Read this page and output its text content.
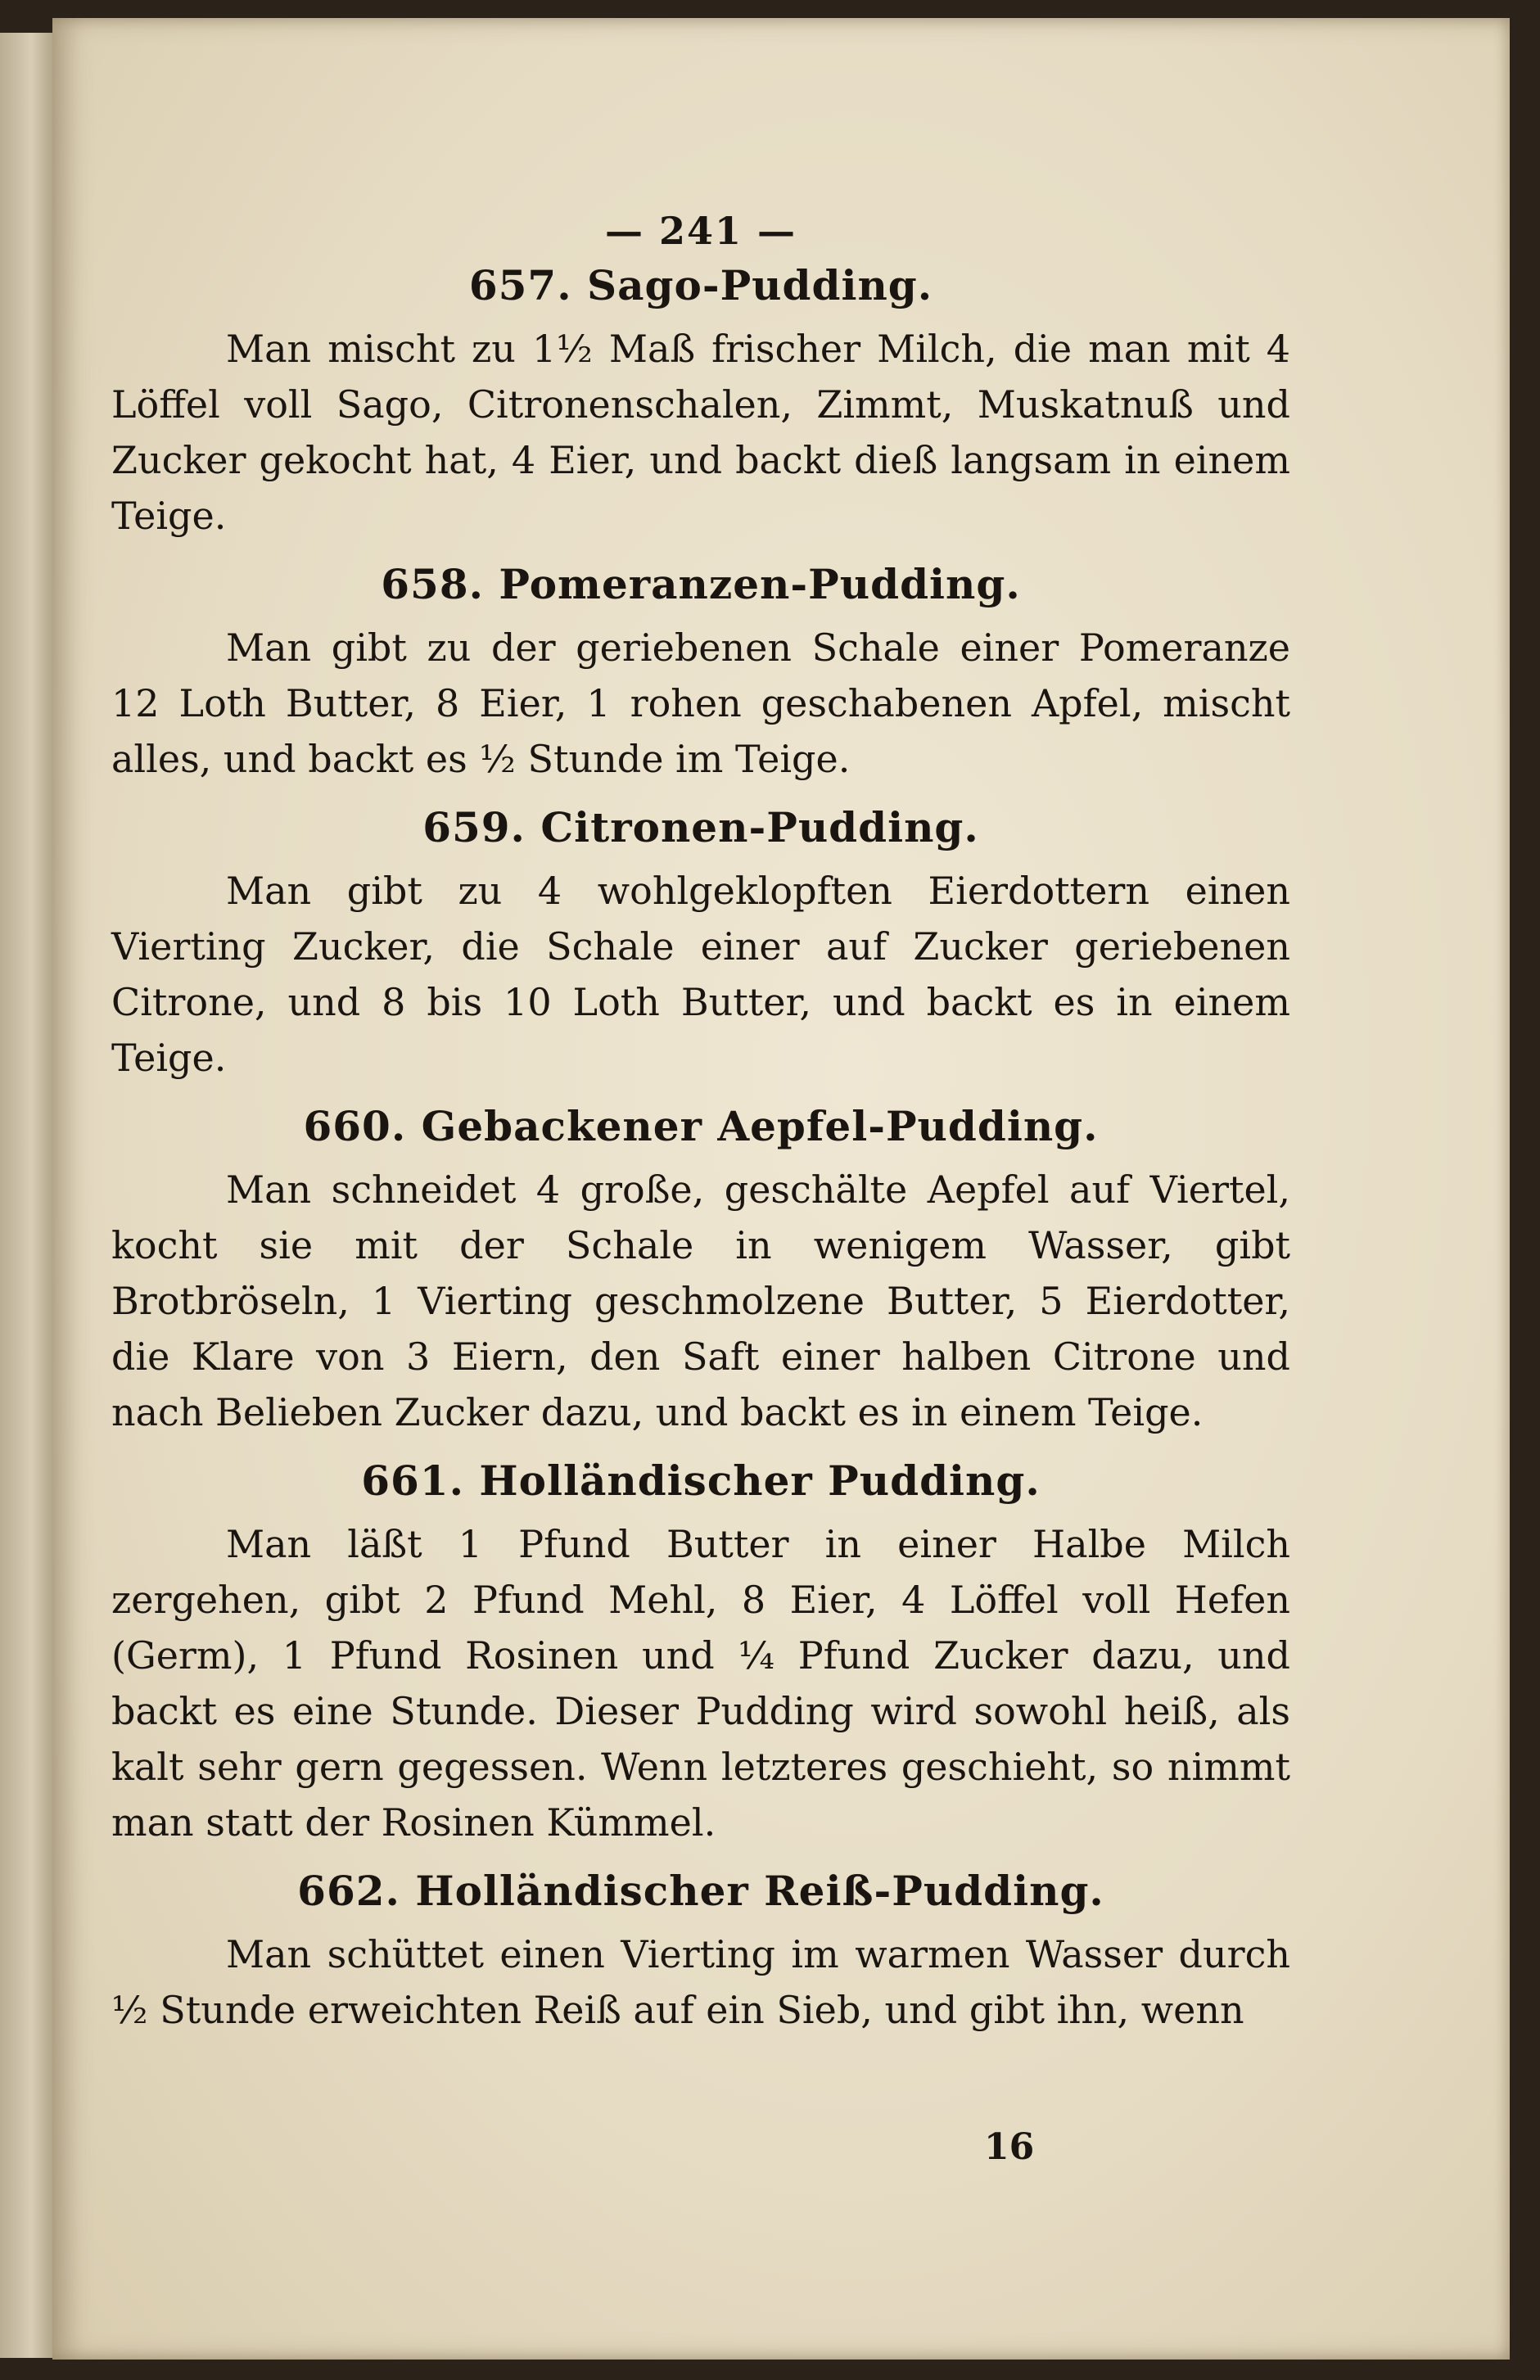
— 241 —
657. Sago-Pudding.

Man mischt zu 1½ Maß frischer Milch, die man mit 4 Löffel voll Sago, Citronenschalen, Zimmt, Muskatnuß und Zucker gekocht hat, 4 Eier, und backt dieß langsam in einem Teige.

658. Pomeranzen-Pudding.

Man gibt zu der geriebenen Schale einer Pomeranze 12 Loth Butter, 8 Eier, 1 rohen geschabenen Apfel, mischt alles, und backt es ½ Stunde im Teige.

659. Citronen-Pudding.

Man gibt zu 4 wohlgeklopften Eierdottern einen Vierting Zucker, die Schale einer auf Zucker geriebenen Citrone, und 8 bis 10 Loth Butter, und backt es in einem Teige.

660. Gebackener Aepfel-Pudding.

Man schneidet 4 große, geschälte Aepfel auf Viertel, kocht sie mit der Schale in wenigem Wasser, gibt Brotbröseln, 1 Vierting geschmolzene Butter, 5 Eierdotter, die Klare von 3 Eiern, den Saft einer halben Citrone und nach Belieben Zucker dazu, und backt es in einem Teige.

661. Holländischer Pudding.

Man läßt 1 Pfund Butter in einer Halbe Milch zergehen, gibt 2 Pfund Mehl, 8 Eier, 4 Löffel voll Hefen (Germ), 1 Pfund Rosinen und ¼ Pfund Zucker dazu, und backt es eine Stunde. Dieser Pudding wird sowohl heiß, als kalt sehr gern gegessen. Wenn letzteres geschieht, so nimmt man statt der Rosinen Kümmel.

662. Holländischer Reiß-Pudding.

Man schüttet einen Vierting im warmen Wasser durch ½ Stunde erweichten Reiß auf ein Sieb, und gibt ihn, wenn

16
